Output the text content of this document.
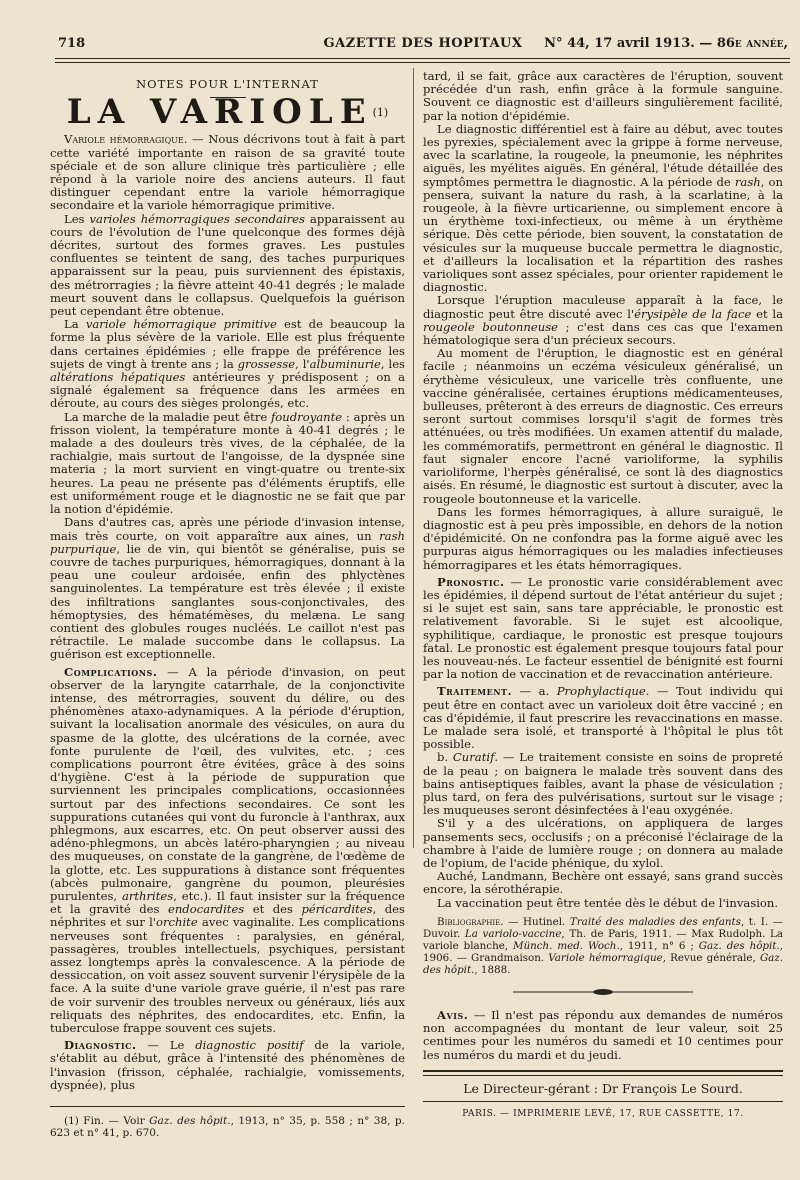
718	GAZETTE DES HOPITAUX	N° 44, 17 avril 1913. — 86e année,

NOTES POUR L'INTERNAT

LA VARIOLE$^{(1)}$

Variole hémorragique. — Nous décrivons tout à fait à part cette variété importante en raison de sa gravité toute spéciale et de son allure clinique très particulière ; elle répond à la variole noire des anciens auteurs. Il faut distinguer cependant entre la variole hémorragique secondaire et la variole hémorragique primitive.

Les varioles hémorragiques secondaires apparaissent au cours de l'évolution de l'une quelconque des formes déjà décrites, surtout des formes graves. Les pustules confluentes se teintent de sang, des taches purpuriques apparaissent sur la peau, puis surviennent des épistaxis, des métrorragies ; la fièvre atteint 40-41 degrés ; le malade meurt souvent dans le collapsus. Quelquefois la guérison peut cependant être obtenue.

La variole hémorragique primitive est de beaucoup la forme la plus sévère de la variole. Elle est plus fréquente dans certaines épidémies ; elle frappe de préférence les sujets de vingt à trente ans ; la grossesse, l'albuminurie, les altérations hépatiques antérieures y prédisposent ; on a signalé également sa fréquence dans les armées en déroute, au cours des sièges prolongés, etc.

La marche de la maladie peut être foudroyante : après un frisson violent, la température monte à 40-41 degrés ; le malade a des douleurs très vives, de la céphalée, de la rachialgie, mais surtout de l'angoisse, de la dyspnée sine materia ; la mort survient en vingt-quatre ou trente-six heures. La peau ne présente pas d'éléments éruptifs, elle est uniformément rouge et le diagnostic ne se fait que par la notion d'épidémie.

Dans d'autres cas, après une période d'invasion intense, mais très courte, on voit apparaître aux aines, un rash purpurique, lie de vin, qui bientôt se généralise, puis se couvre de taches purpuriques, hémorragiques, donnant à la peau une couleur ardoisée, enfin des phlyctènes sanguinolentes. La température est très élevée ; il existe des infiltrations sanglantes sous-conjonctivales, des hémoptysies, des hématémèses, du melæna. Le sang contient des globules rouges nucléés. Le caillot n'est pas rétractile. Le malade succombe dans le collapsus. La guérison est exceptionnelle.

Complications. — A la période d'invasion, on peut observer de la laryngite catarrhale, de la conjonctivite intense, des métrorragies, souvent du délire, ou des phénomènes ataxo-adynamiques. A la période d'éruption, suivant la localisation anormale des vésicules, on aura du spasme de la glotte, des ulcérations de la cornée, avec fonte purulente de l'œil, des vulvites, etc. ; ces complications pourront être évitées, grâce à des soins d'hygiène. C'est à la période de suppuration que surviennent les principales complications, occasionnées surtout par des infections secondaires. Ce sont les suppurations cutanées qui vont du furoncle à l'anthrax, aux phlegmons, aux escarres, etc. On peut observer aussi des adéno-phlegmons, un abcès latéro-pharyngien ; au niveau des muqueuses, on constate de la gangrène, de l'œdème de la glotte, etc. Les suppurations à distance sont fréquentes (abcès pulmonaire, gangrène du poumon, pleurésies purulentes, arthrites, etc.). Il faut insister sur la fréquence et la gravité des endocardites et des péricardites, des néphrites et sur l'orchite avec vaginalite. Les complications nerveuses sont fréquentes : paralysies, en général, passagères, troubles intellectuels, psychiques, persistant assez longtemps après la convalescence. A la période de dessiccation, on voit assez souvent survenir l'érysipèle de la face. A la suite d'une variole grave guérie, il n'est pas rare de voir survenir des troubles nerveux ou généraux, liés aux reliquats des néphrites, des endocardites, etc. Enfin, la tuberculose frappe souvent ces sujets.

Diagnostic. — Le diagnostic positif de la variole, s'établit au début, grâce à l'intensité des phénomènes de l'invasion (frisson, céphalée, rachialgie, vomissements, dyspnée), plus

(1) Fin. — Voir Gaz. des hôpit., 1913, n° 35, p. 558 ; n° 38, p. 623 et n° 41, p. 670.

tard, il se fait, grâce aux caractères de l'éruption, souvent précédée d'un rash, enfin grâce à la formule sanguine. Souvent ce diagnostic est d'ailleurs singulièrement facilité, par la notion d'épidémie.

Le diagnostic différentiel est à faire au début, avec toutes les pyrexies, spécialement avec la grippe à forme nerveuse, avec la scarlatine, la rougeole, la pneumonie, les néphrites aiguës, les myélites aiguës. En général, l'étude détaillée des symptômes permettra le diagnostic. A la période de rash, on pensera, suivant la nature du rash, à la scarlatine, à la rougeole, à la fièvre urticarienne, ou simplement encore à un érythème toxi-infectieux, ou même à un érythème sérique. Dès cette période, bien souvent, la constatation de vésicules sur la muqueuse buccale permettra le diagnostic, et d'ailleurs la localisation et la répartition des rashes varioliques sont assez spéciales, pour orienter rapidement le diagnostic.

Lorsque l'éruption maculeuse apparaît à la face, le diagnostic peut être discuté avec l'érysipèle de la face et la rougeole boutonneuse ; c'est dans ces cas que l'examen hématologique sera d'un précieux secours.

Au moment de l'éruption, le diagnostic est en général facile ; néanmoins un eczéma vésiculeux généralisé, un érythème vésiculeux, une varicelle très confluente, une vaccine généralisée, certaines éruptions médicamenteuses, bulleuses, prêteront à des erreurs de diagnostic. Ces erreurs seront surtout commises lorsqu'il s'agit de formes très atténuées, ou très modifiées. Un examen attentif du malade, les commémoratifs, permettront en général le diagnostic. Il faut signaler encore l'acné varioliforme, la syphilis varioliforme, l'herpès généralisé, ce sont là des diagnostics aisés. En résumé, le diagnostic est surtout à discuter, avec la rougeole boutonneuse et la varicelle.

Dans les formes hémorragiques, à allure suraiguë, le diagnostic est à peu près impossible, en dehors de la notion d'épidémicité. On ne confondra pas la forme aiguë avec les purpuras aigus hémorragiques ou les maladies infectieuses hémorragipares et les états hémorragiques.

Pronostic. — Le pronostic varie considérablement avec les épidémies, il dépend surtout de l'état antérieur du sujet ; si le sujet est sain, sans tare appréciable, le pronostic est relativement favorable. Si le sujet est alcoolique, syphilitique, cardiaque, le pronostic est presque toujours fatal. Le pronostic est également presque toujours fatal pour les nouveau-nés. Le facteur essentiel de bénignité est fourni par la notion de vaccination et de revaccination antérieure.

Traitement. — a. Prophylactique. — Tout individu qui peut être en contact avec un varioleux doit être vacciné ; en cas d'épidémie, il faut prescrire les revaccinations en masse. Le malade sera isolé, et transporté à l'hôpital le plus tôt possible.

b. Curatif. — Le traitement consiste en soins de propreté de la peau ; on baignera le malade très souvent dans des bains antiseptiques faibles, avant la phase de vésiculation ; plus tard, on fera des pulvérisations, surtout sur le visage ; les muqueuses seront désinfectées à l'eau oxygénée.

S'il y a des ulcérations, on appliquera de larges pansements secs, occlusifs ; on a préconisé l'éclairage de la chambre à l'aide de lumière rouge ; on donnera au malade de l'opium, de l'acide phénique, du xylol.

Auché, Landmann, Bechère ont essayé, sans grand succès encore, la sérothérapie.

La vaccination peut être tentée dès le début de l'invasion.

Bibliographie. — Hutinel. Traité des maladies des enfants, t. I. — Duvoir. La variolo-vaccine, Th. de Paris, 1911. — Max Rudolph. La variole blanche, Münch. med. Woch., 1911, n° 6 ; Gaz. des hôpit., 1906. — Grandmaison. Variole hémorragique, Revue générale, Gaz. des hôpit., 1888.

Avis. — Il n'est pas répondu aux demandes de numéros non accompagnées du montant de leur valeur, soit 25 centimes pour les numéros du samedi et 10 centimes pour les numéros du mardi et du jeudi.

Le Directeur-gérant : Dr François Le Sourd.

PARIS. — IMPRIMERIE LEVÉ, 17, RUE CASSETTE, 17.
